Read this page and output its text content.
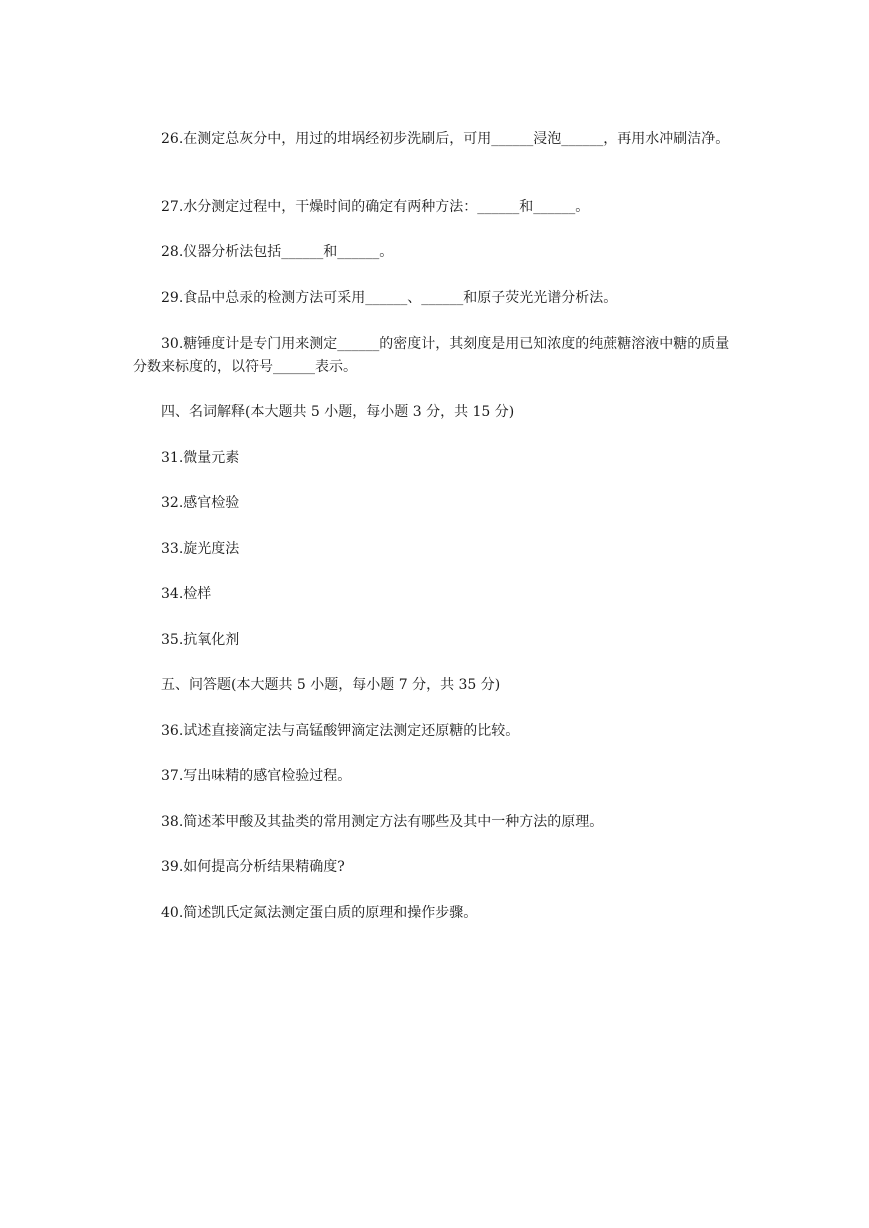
26.在测定总灰分中，用过的坩埚经初步洗刷后，可用______浸泡______，再用水冲刷洁净。

27.水分测定过程中，干燥时间的确定有两种方法：______和______。

28.仪器分析法包括______和______。

29.食品中总汞的检测方法可采用______、______和原子荧光光谱分析法。

30.糖锤度计是专门用来测定______的密度计，其刻度是用已知浓度的纯蔗糖溶液中糖的质量分数来标度的，以符号______表示。

四、名词解释(本大题共 5 小题，每小题 3 分，共 15 分)

31.微量元素

32.感官检验

33.旋光度法

34.检样

35.抗氧化剂

五、问答题(本大题共 5 小题，每小题 7 分，共 35 分)

36.试述直接滴定法与高锰酸钾滴定法测定还原糖的比较。

37.写出味精的感官检验过程。

38.简述苯甲酸及其盐类的常用测定方法有哪些及其中一种方法的原理。

39.如何提高分析结果精确度?

40.简述凯氏定氮法测定蛋白质的原理和操作步骤。
